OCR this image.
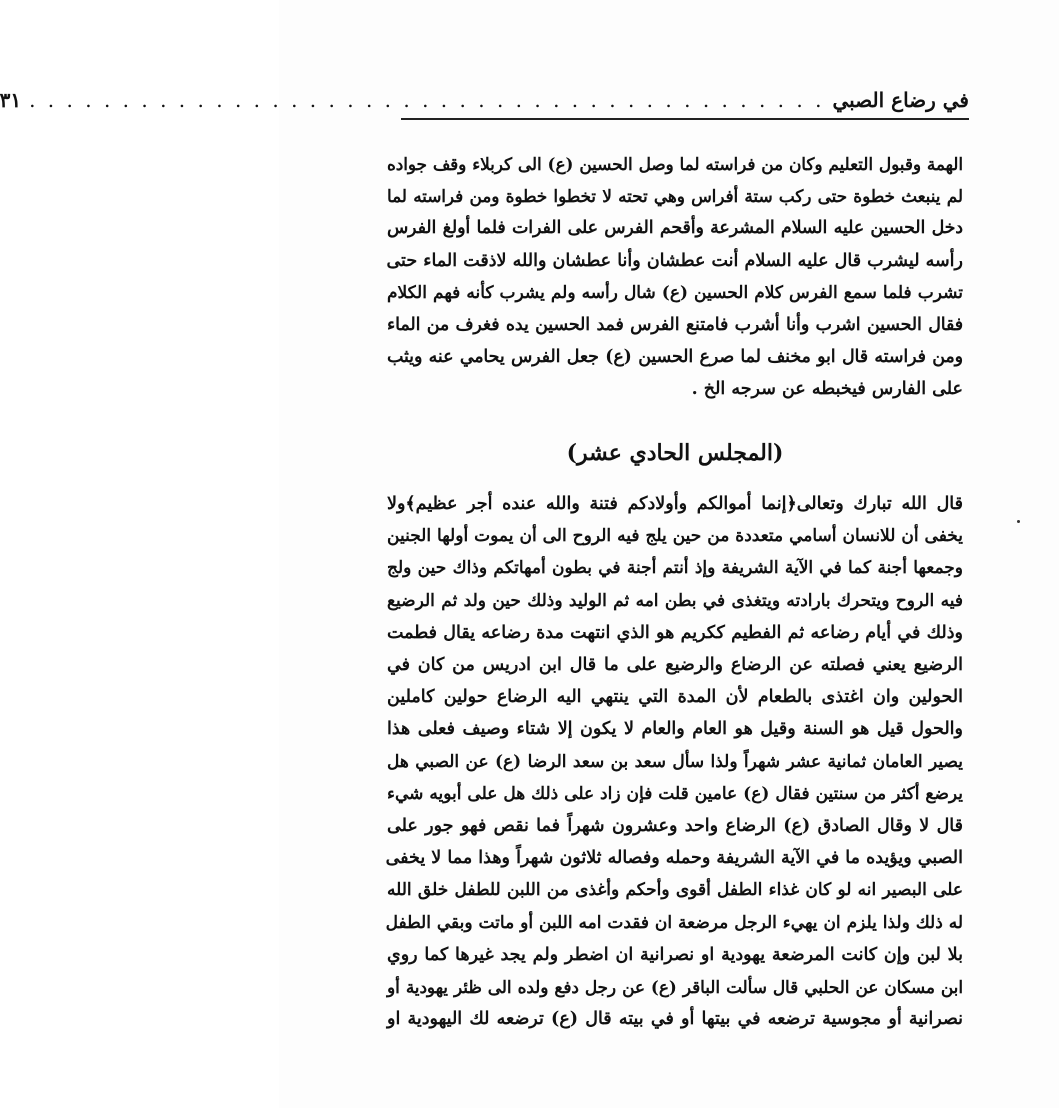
في رضاع الصبي
. . . . . . . . . . . . . . . . . . . . . . . . . . . . . . . . . . . . . . . . . . .
٣١

الهمة وقبول التعليم وكان من فراسته لما وصل الحسين (ع) الى كربلاء وقف جواده

لم ينبعث خطوة حتى ركب ستة أفراس وهي تحته لا تخطوا خطوة ومن فراسته لما

دخل الحسين عليه السلام المشرعة وأقحم الفرس على الفرات فلما أولغ الفرس

رأسه ليشرب قال عليه السلام أنت عطشان وأنا عطشان والله لاذقت الماء حتى

تشرب فلما سمع الفرس كلام الحسين (ع) شال رأسه ولم يشرب كأنه فهم الكلام

فقال الحسين اشرب وأنا أشرب فامتنع الفرس فمد الحسين يده فغرف من الماء

ومن فراسته قال ابو مخنف لما صرع الحسين (ع) جعل الفرس يحامي عنه ويثب

على الفارس فيخبطه عن سرجه الخ .

(المجلس الحادي عشر)

قال الله تبارك وتعالى﴿إنما أموالكم وأولادكم فتنة والله عنده أجر عظيم﴾ولا

يخفى أن للانسان أسامي متعددة من حين يلج فيه الروح الى أن يموت أولها الجنين

وجمعها أجنة كما في الآية الشريفة وإذ أنتم أجنة في بطون أمهاتكم وذاك حين ولج

فيه الروح ويتحرك بارادته ويتغذى في بطن امه ثم الوليد وذلك حين ولد ثم الرضيع

وذلك في أيام رضاعه ثم الفطيم ككريم هو الذي انتهت مدة رضاعه يقال فطمت

الرضيع يعني فصلته عن الرضاع والرضيع على ما قال ابن ادريس من كان في

الحولين وان اغتذى بالطعام لأن المدة التي ينتهي اليه الرضاع حولين كاملين

والحول قيل هو السنة وقيل هو العام والعام لا يكون إلا شتاء وصيف فعلى هذا

يصير العامان ثمانية عشر شهراً ولذا سأل سعد بن سعد الرضا (ع) عن الصبي هل

يرضع أكثر من سنتين فقال (ع) عامين قلت فإن زاد على ذلك هل على أبويه شيء

قال لا وقال الصادق (ع) الرضاع واحد وعشرون شهراً فما نقص فهو جور على

الصبي ويؤيده ما في الآية الشريفة وحمله وفصاله ثلاثون شهراً وهذا مما لا يخفى

على البصير انه لو كان غذاء الطفل أقوى وأحكم وأغذى من اللبن للطفل خلق الله

له ذلك ولذا يلزم ان يهيء الرجل مرضعة ان فقدت امه اللبن أو ماتت وبقي الطفل

بلا لبن وإن كانت المرضعة يهودية او نصرانية ان اضطر ولم يجد غيرها كما روي

ابن مسكان عن الحلبي قال سألت الباقر (ع) عن رجل دفع ولده الى ظئر يهودية أو

نصرانية أو مجوسية ترضعه في بيتها أو في بيته قال (ع) ترضعه لك اليهودية او
